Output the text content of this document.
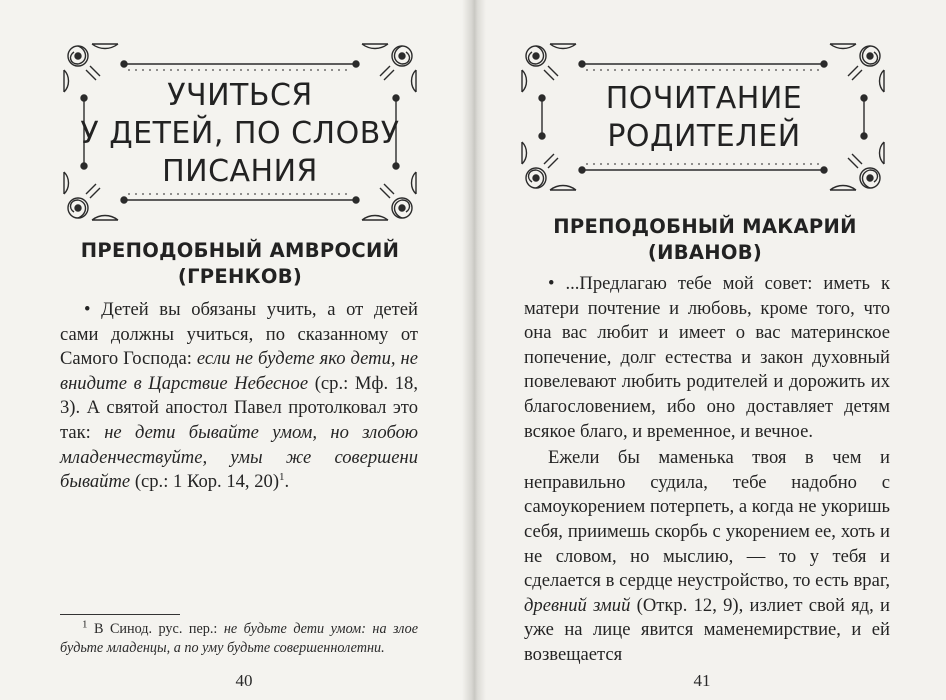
УЧИТЬСЯ
У ДЕТЕЙ, ПО СЛОВУ
ПИСАНИЯ
ПРЕПОДОБНЫЙ АМВРОСИЙ
(ГРЕНКОВ)

• Детей вы обязаны учить, а от детей сами должны учиться, по сказанному от Самого Господа: если не будете яко дети, не внидите в Царствие Небесное (ср.: Мф. 18, 3). А святой апостол Павел протолковал это так: не дети бывайте умом, но злобою младенчествуйте, умы же совершени бывайте (ср.: 1 Кор. 14, 20)$^1$.

$^1$ В Синод. рус. пер.: не будьте дети умом: на злое будьте младенцы, а по уму будьте совершеннолетни.

40
ПОЧИТАНИЕ
РОДИТЕЛЕЙ
ПРЕПОДОБНЫЙ МАКАРИЙ
(ИВАНОВ)

• ...Предлагаю тебе мой совет: иметь к матери почтение и любовь, кроме того, что она вас любит и имеет о вас материнское попечение, долг естества и закон духовный повелевают любить родителей и дорожить их благословением, ибо оно доставляет детям всякое благо, и временное, и вечное.

Ежели бы маменька твоя в чем и неправильно судила, тебе надобно с самоукорением потерпеть, а когда не укоришь себя, приимешь скорбь с укорением ее, хоть и не словом, но мыслию, — то у тебя и сделается в сердце неустройство, то есть враг, древний змий (Откр. 12, 9), излиет свой яд, и уже на лице явится маменемирствие, и ей возвещается

41
